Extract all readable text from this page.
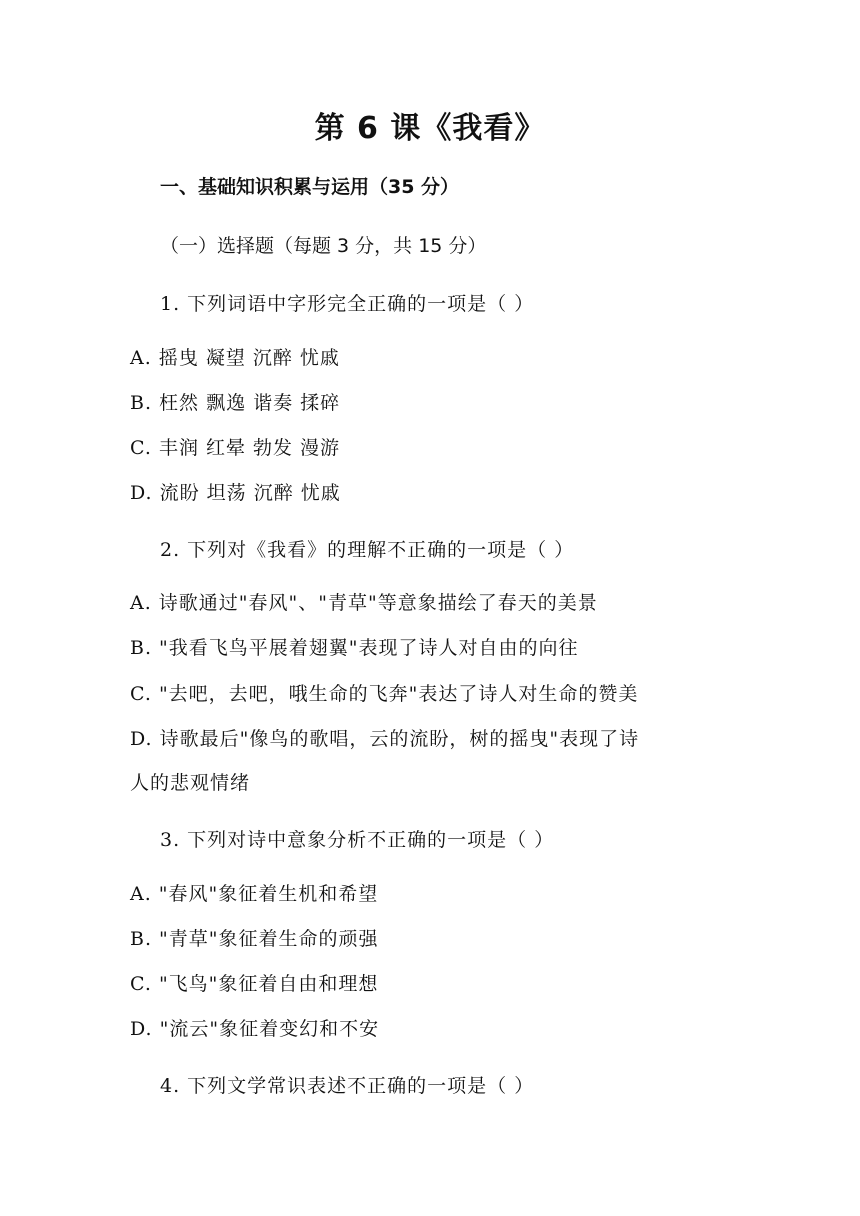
第 6 课《我看》
一、基础知识积累与运用（35 分）
（一）选择题（每题 3 分，共 15 分）
1. 下列词语中字形完全正确的一项是（ ）
A. 摇曳 凝望 沉醉 忧戚
B. 枉然 飘逸 谐奏 揉碎
C. 丰润 红晕 勃发 漫游
D. 流盼 坦荡 沉醉 忧戚
2. 下列对《我看》的理解不正确的一项是（ ）
A. 诗歌通过"春风"、"青草"等意象描绘了春天的美景
B. "我看飞鸟平展着翅翼"表现了诗人对自由的向往
C. "去吧，去吧，哦生命的飞奔"表达了诗人对生命的赞美
D. 诗歌最后"像鸟的歌唱，云的流盼，树的摇曳"表现了诗
人的悲观情绪
3. 下列对诗中意象分析不正确的一项是（ ）
A. "春风"象征着生机和希望
B. "青草"象征着生命的顽强
C. "飞鸟"象征着自由和理想
D. "流云"象征着变幻和不安
4. 下列文学常识表述不正确的一项是（ ）
